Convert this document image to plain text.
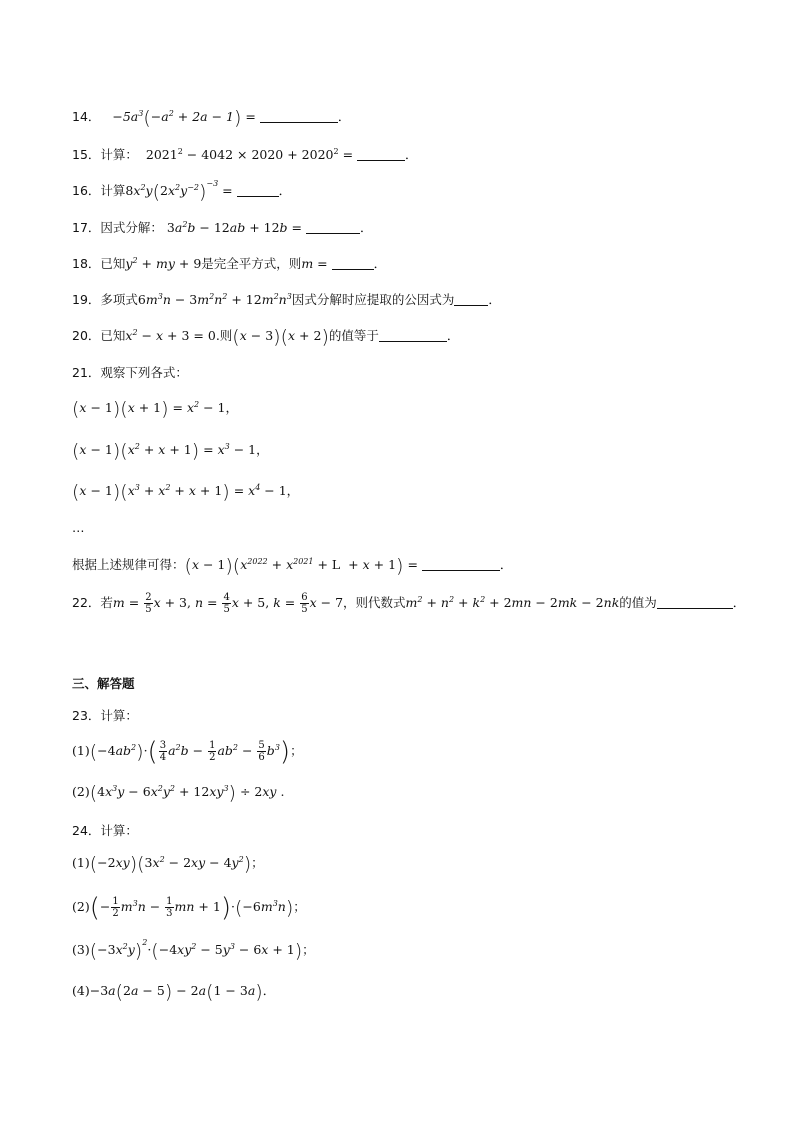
14． $-5a^3(-a^2 + 2a - 1)$ =	．
15．计算：  $2021^2 - 4042 \times 2020 + 2020^2$ =	．
16．计算$8x^2y(2x^2y^{-2})^{-3}$ =	．
17．因式分解： $3a^2b - 12ab + 12b$ =	．
18．已知$y^2$ + my + 9是完全平方式，则m =	．
19．多项式$6m^3n - 3m^2n^2 + 12m^2n^3$因式分解时应提取的公因式为	．
20．已知$x^2 - x + 3 = 0$.则(x − 3)(x + 2)的值等于	．
21．观察下列各式：
$(x - 1)(x + 1) = x^2 - 1$，
$(x - 1)(x^2 + x + 1) = x^3 - 1$，
$(x - 1)(x^3 + x^2 + x + 1) = x^4 - 1$，
…
根据上述规律可得：$(x - 1)(x^{2022} + x^{2021} + L + x + 1)$ =	．
22．若$m = \frac{2}{5}$ x + 3, $n = \frac{4}{5}$ x + 5, $k = \frac{6}{5}$ x − 7，则代数式$m^2 + n^2 + k^2 + 2mn - 2mk - 2nk$的值为	．
三、解答题
23．计算：
$(1)(-4ab^2)\cdot( \frac{3}{4} a^2b - \frac{1}{2} ab^2 - \frac{5}{6} b^3)$；
$(2)(4x^3y - 6x^2y^2 + 12xy^3) \div 2xy$ .
24．计算：
$(1)(-2xy)(3x^2 - 2xy - 4y^2)$；
$(2)(- \frac{1}{2} m^3n - \frac{1}{3}$ mn + $1)\cdot(-6m^3n)$；
$(3)(-3x^2y)^2\cdot(-4xy^2 - 5y^3 - 6x + 1)$；
(4)−3a(2a − 5) − 2a(1 − 3a)．
